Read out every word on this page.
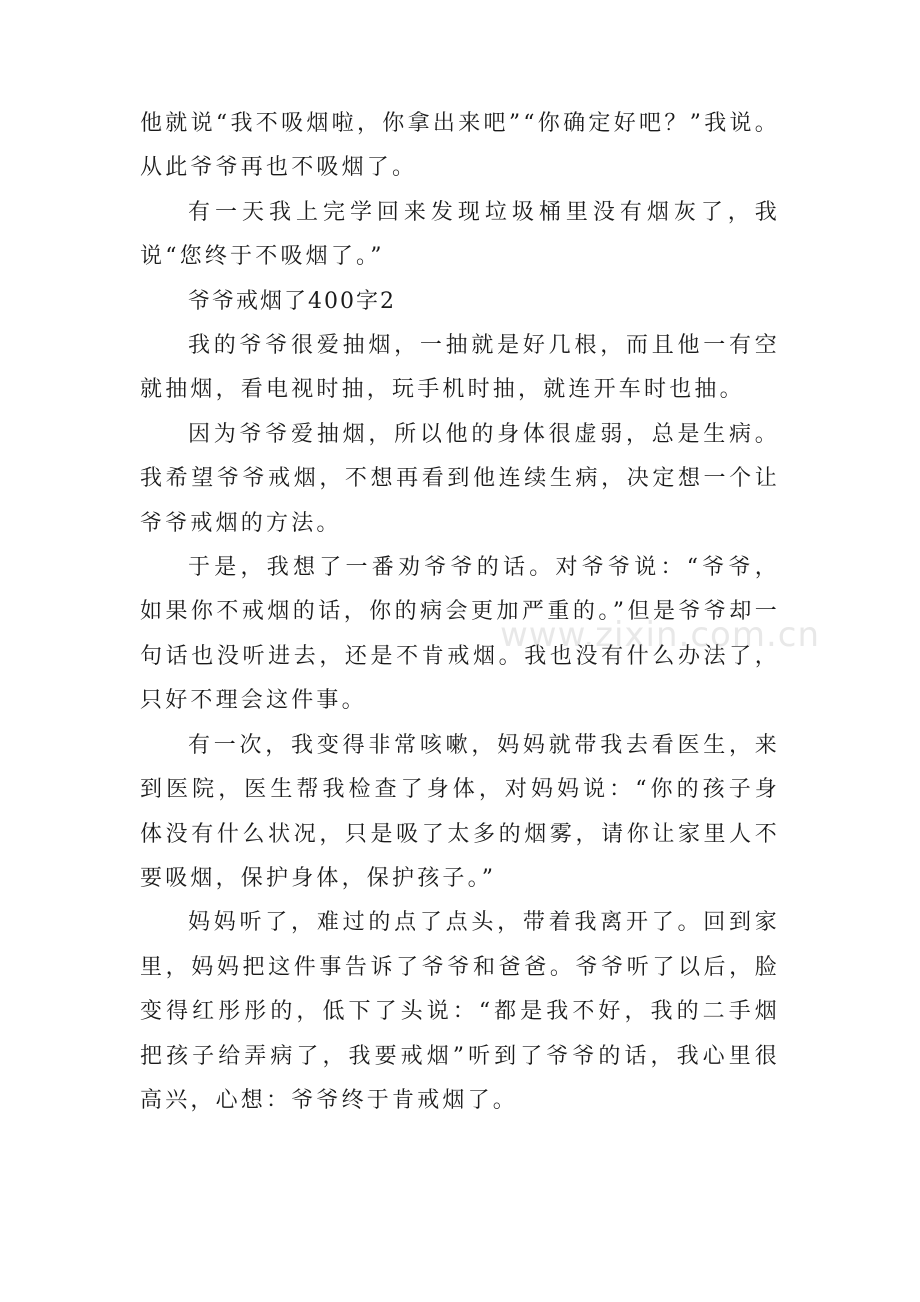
他就说“我不吸烟啦，你拿出来吧”“你确定好吧？”我说。从此爷爷再也不吸烟了。

有一天我上完学回来发现垃圾桶里没有烟灰了，我说“您终于不吸烟了。”

爷爷戒烟了400字2

我的爷爷很爱抽烟，一抽就是好几根，而且他一有空就抽烟，看电视时抽，玩手机时抽，就连开车时也抽。

因为爷爷爱抽烟，所以他的身体很虚弱，总是生病。我希望爷爷戒烟，不想再看到他连续生病，决定想一个让爷爷戒烟的方法。

于是，我想了一番劝爷爷的话。对爷爷说：“爷爷，如果你不戒烟的话，你的病会更加严重的。”但是爷爷却一句话也没听进去，还是不肯戒烟。我也没有什么办法了，只好不理会这件事。

有一次，我变得非常咳嗽，妈妈就带我去看医生，来到医院，医生帮我检查了身体，对妈妈说：“你的孩子身体没有什么状况，只是吸了太多的烟雾，请你让家里人不要吸烟，保护身体，保护孩子。”

妈妈听了，难过的点了点头，带着我离开了。回到家里，妈妈把这件事告诉了爷爷和爸爸。爷爷听了以后，脸变得红彤彤的，低下了头说：“都是我不好，我的二手烟把孩子给弄病了，我要戒烟”听到了爷爷的话，我心里很高兴，心想：爷爷终于肯戒烟了。

www.zixin.com.cn
